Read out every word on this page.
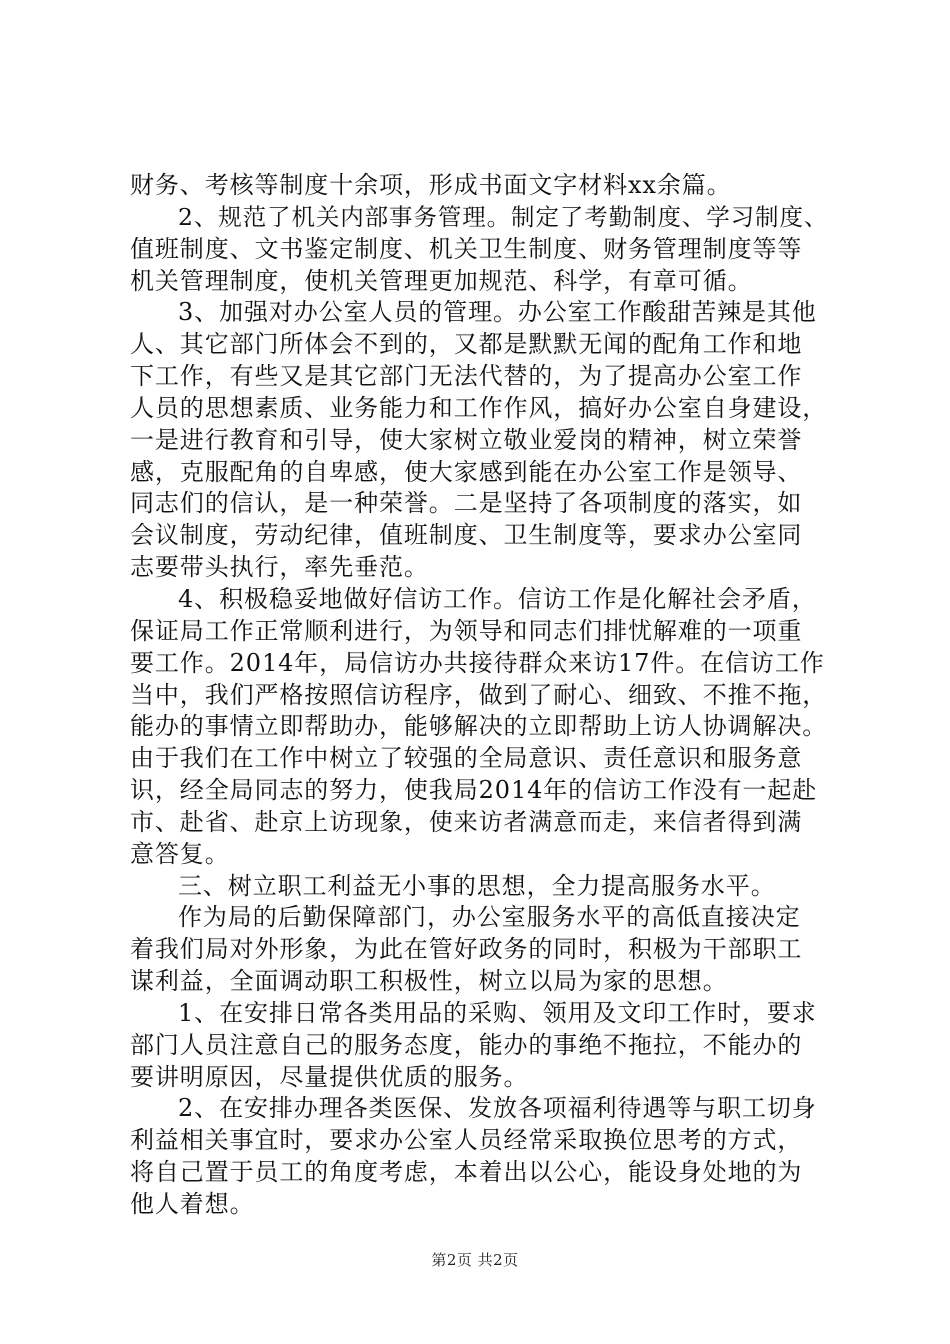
财务、考核等制度十余项，形成书面文字材料xx余篇。
2、规范了机关内部事务管理。制定了考勤制度、学习制度、
值班制度、文书鉴定制度、机关卫生制度、财务管理制度等等
机关管理制度，使机关管理更加规范、科学，有章可循。
3、加强对办公室人员的管理。办公室工作酸甜苦辣是其他
人、其它部门所体会不到的，又都是默默无闻的配角工作和地
下工作，有些又是其它部门无法代替的，为了提高办公室工作
人员的思想素质、业务能力和工作作风，搞好办公室自身建设，
一是进行教育和引导，使大家树立敬业爱岗的精神，树立荣誉
感，克服配角的自卑感，使大家感到能在办公室工作是领导、
同志们的信认，是一种荣誉。二是坚持了各项制度的落实，如
会议制度，劳动纪律，值班制度、卫生制度等，要求办公室同
志要带头执行，率先垂范。
4、积极稳妥地做好信访工作。信访工作是化解社会矛盾，
保证局工作正常顺利进行，为领导和同志们排忧解难的一项重
要工作。2014年，局信访办共接待群众来访17件。在信访工作
当中，我们严格按照信访程序，做到了耐心、细致、不推不拖，
能办的事情立即帮助办，能够解决的立即帮助上访人协调解决。
由于我们在工作中树立了较强的全局意识、责任意识和服务意
识，经全局同志的努力，使我局2014年的信访工作没有一起赴
市、赴省、赴京上访现象，使来访者满意而走，来信者得到满
意答复。
三、树立职工利益无小事的思想，全力提高服务水平。
作为局的后勤保障部门，办公室服务水平的高低直接决定
着我们局对外形象，为此在管好政务的同时，积极为干部职工
谋利益，全面调动职工积极性，树立以局为家的思想。
1、在安排日常各类用品的采购、领用及文印工作时，要求
部门人员注意自己的服务态度，能办的事绝不拖拉，不能办的
要讲明原因，尽量提供优质的服务。
2、在安排办理各类医保、发放各项福利待遇等与职工切身
利益相关事宜时，要求办公室人员经常采取换位思考的方式，
将自己置于员工的角度考虑，本着出以公心，能设身处地的为
他人着想。
第2页 共2页
